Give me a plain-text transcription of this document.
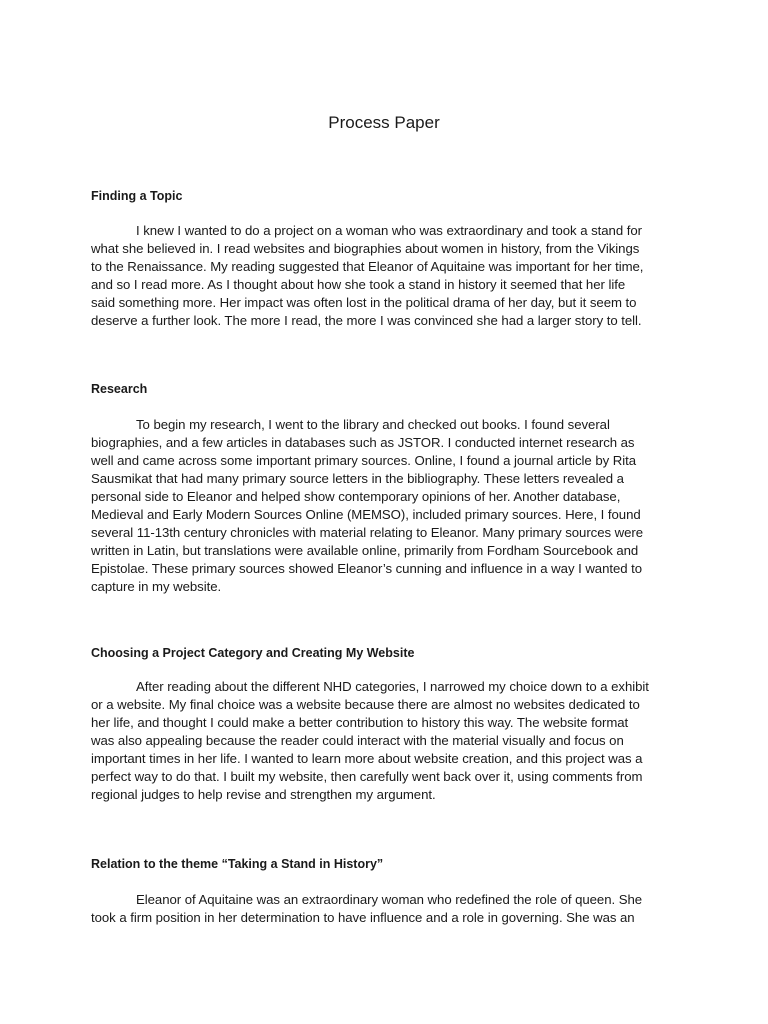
Process Paper
Finding a Topic
I knew I wanted to do a project on a woman who was extraordinary and took a stand for
what she believed in. I read websites and biographies about women in history, from the Vikings
to the Renaissance. My reading suggested that Eleanor of Aquitaine was important for her time,
and so I read more. As I thought about how she took a stand in history it seemed that her life
said something more. Her impact was often lost in the political drama of her day, but it seem to
deserve a further look. The more I read, the more I was convinced she had a larger story to tell.
Research
To begin my research, I went to the library and checked out books. I found several
biographies, and a few articles in databases such as JSTOR. I conducted internet research as
well and came across some important primary sources. Online, I found a journal article by Rita
Sausmikat that had many primary source letters in the bibliography. These letters revealed a
personal side to Eleanor and helped show contemporary opinions of her. Another database,
Medieval and Early Modern Sources Online (MEMSO), included primary sources. Here, I found
several 11-13th century chronicles with material relating to Eleanor. Many primary sources were
written in Latin, but translations were available online, primarily from Fordham Sourcebook and
Epistolae. These primary sources showed Eleanor’s cunning and influence in a way I wanted to
capture in my website.
Choosing a Project Category and Creating My Website
After reading about the different NHD categories, I narrowed my choice down to a exhibit
or a website. My final choice was a website because there are almost no websites dedicated to
her life, and thought I could make a better contribution to history this way. The website format
was also appealing because the reader could interact with the material visually and focus on
important times in her life. I wanted to learn more about website creation, and this project was a
perfect way to do that. I built my website, then carefully went back over it, using comments from
regional judges to help revise and strengthen my argument.
Relation to the theme “Taking a Stand in History”
Eleanor of Aquitaine was an extraordinary woman who redefined the role of queen. She
took a firm position in her determination to have influence and a role in governing. She was an
